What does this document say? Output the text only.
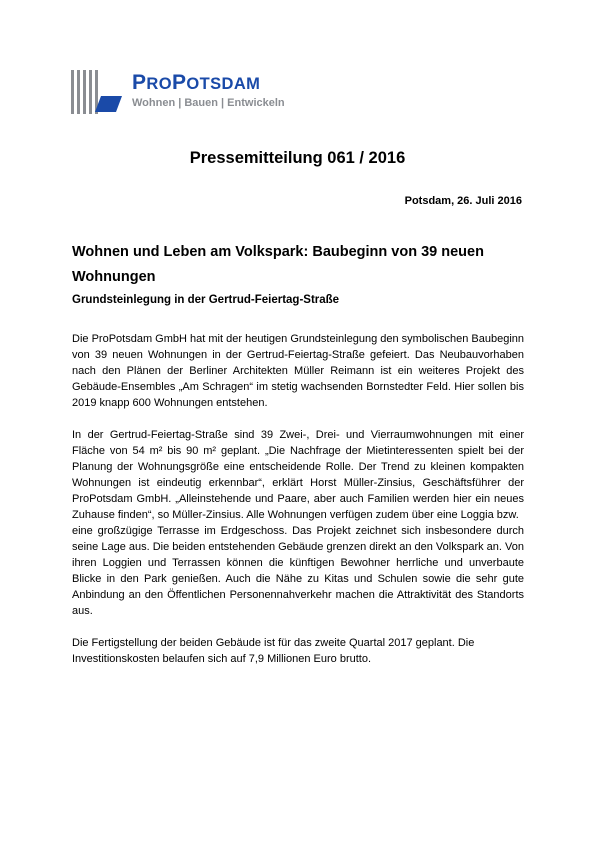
PROPOTSDAM
Wohnen | Bauen | Entwickeln
Pressemitteilung 061 / 2016
Potsdam, 26. Juli 2016
Wohnen und Leben am Volkspark: Baubeginn von 39 neuen
Wohnungen
Grundsteinlegung in der Gertrud-Feiertag-Straße
Die ProPotsdam GmbH hat mit der heutigen Grundsteinlegung den symbolischen Baubeginn
von 39 neuen Wohnungen in der Gertrud-Feiertag-Straße gefeiert. Das Neubauvorhaben
nach den Plänen der Berliner Architekten Müller Reimann ist ein weiteres Projekt des
Gebäude-Ensembles „Am Schragen“ im stetig wachsenden Bornstedter Feld. Hier sollen bis
2019 knapp 600 Wohnungen entstehen.
In der Gertrud-Feiertag-Straße sind 39 Zwei-, Drei- und Vierraumwohnungen mit einer
Fläche von 54 m² bis 90 m² geplant. „Die Nachfrage der Mietinteressenten spielt bei der
Planung der Wohnungsgröße eine entscheidende Rolle. Der Trend zu kleinen kompakten
Wohnungen ist eindeutig erkennbar“, erklärt Horst Müller-Zinsius, Geschäftsführer der
ProPotsdam GmbH. „Alleinstehende und Paare, aber auch Familien werden hier ein neues
Zuhause finden“, so Müller-Zinsius. Alle Wohnungen verfügen zudem über eine Loggia bzw.
eine großzügige Terrasse im Erdgeschoss. Das Projekt zeichnet sich insbesondere durch
seine Lage aus. Die beiden entstehenden Gebäude grenzen direkt an den Volkspark an. Von
ihren Loggien und Terrassen können die künftigen Bewohner herrliche und unverbaute
Blicke in den Park genießen. Auch die Nähe zu Kitas und Schulen sowie die sehr gute
Anbindung an den Öffentlichen Personennahverkehr machen die Attraktivität des Standorts
aus.
Die Fertigstellung der beiden Gebäude ist für das zweite Quartal 2017 geplant. Die
Investitionskosten belaufen sich auf 7,9 Millionen Euro brutto.
